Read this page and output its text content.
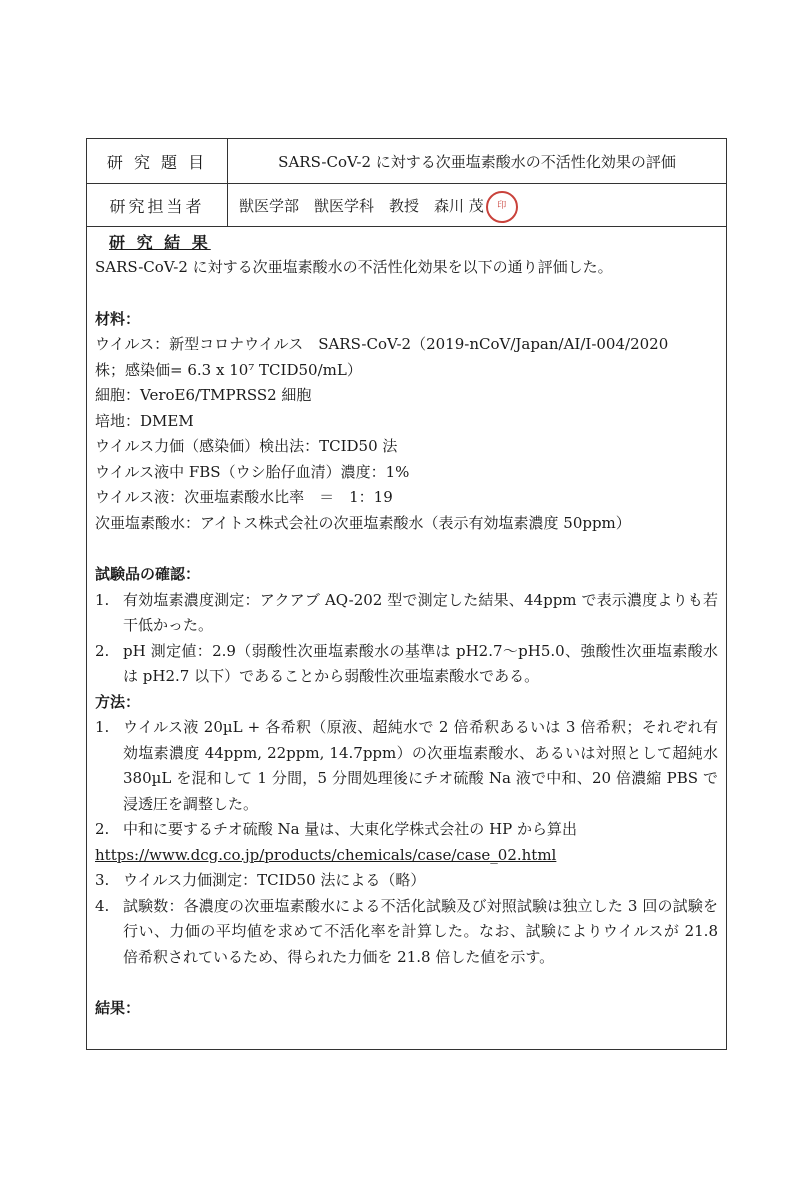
研 究 題 目	SARS-CoV-2 に対する次亜塩素酸水の不活性化効果の評価
研究担当者	獣医学部　獣医学科　教授　森川 茂	印

研 究 結 果

SARS-CoV-2 に対する次亜塩素酸水の不活性化効果を以下の通り評価した。

材料：

ウイルス：新型コロナウイルス　SARS-CoV-2（2019-nCoV/Japan/AI/I-004/2020

株；感染価= 6.3 x 10⁷ TCID50/mL）

細胞：VeroE6/TMPRSS2 細胞

培地：DMEM

ウイルス力価（感染価）検出法：TCID50 法

ウイルス液中 FBS（ウシ胎仔血清）濃度：1%

ウイルス液：次亜塩素酸水比率　＝　1：19

次亜塩素酸水：アイトス株式会社の次亜塩素酸水（表示有効塩素濃度 50ppm）

試験品の確認：

1. 有効塩素濃度測定：アクアブ AQ-202 型で測定した結果、44ppm で表示濃度よりも若干低かった。
2. pH 測定値：2.9（弱酸性次亜塩素酸水の基準は pH2.7〜pH5.0、強酸性次亜塩素酸水は pH2.7 以下）であることから弱酸性次亜塩素酸水である。

方法：

1. ウイルス液 20µL + 各希釈（原液、超純水で 2 倍希釈あるいは 3 倍希釈；それぞれ有効塩素濃度 44ppm, 22ppm, 14.7ppm）の次亜塩素酸水、あるいは対照として超純水 380µL を混和して 1 分間，5 分間処理後にチオ硫酸 Na 液で中和、20 倍濃縮 PBS で浸透圧を調整した。
2. 中和に要するチオ硫酸 Na 量は、大東化学株式会社の HP から算出

https://www.dcg.co.jp/products/chemicals/case/case_02.html

3. ウイルス力価測定：TCID50 法による（略）
4. 試験数：各濃度の次亜塩素酸水による不活化試験及び対照試験は独立した 3 回の試験を行い、力価の平均値を求めて不活化率を計算した。なお、試験によりウイルスが 21.8 倍希釈されているため、得られた力価を 21.8 倍した値を示す。

結果：
